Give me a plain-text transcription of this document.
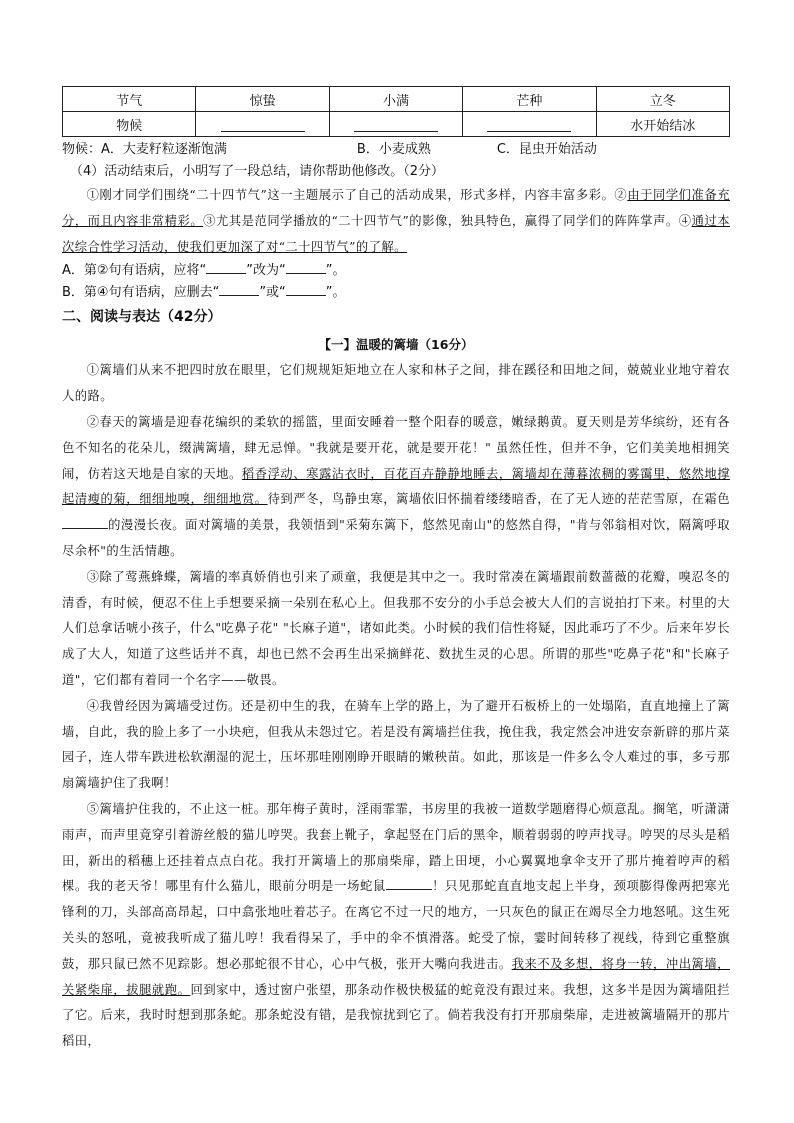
节气	惊蛰	小满	芒种	立冬
物候				水开始结冰

物候：A．大麦籽粒逐渐饱满	B．小麦成熟	C．昆虫开始活动

（4）活动结束后，小明写了一段总结，请你帮助他修改。（2分）

①刚才同学们围绕“二十四节气”这一主题展示了自己的活动成果，形式多样，内容丰富多彩。②由于同学们准备充分，而且内容非常精彩。③尤其是范同学播放的“二十四节气”的影像，独具特色，赢得了同学们的阵阵掌声。④通过本次综合性学习活动，使我们更加深了对“二十四节气”的了解。

A．第②句有语病，应将“	”改为“	”。

B．第④句有语病，应删去“	”或“	”。

二、阅读与表达（42分）

【一】温暖的篱墙（16分）

①篱墙们从来不把四时放在眼里，它们规规矩矩地立在人家和林子之间，排在蹊径和田地之间，兢兢业业地守着农人的路。

②春天的篱墙是迎春花编织的柔软的摇篮，里面安睡着一整个阳春的暖意，嫩绿鹅黄。夏天则是芳华缤纷，还有各色不知名的花朵儿，缀满篱墙，肆无忌惮。"我就是要开花，就是要开花！" 虽然任性，但并不争，它们美美地相拥笑闹，仿若这天地是自家的天地。稻香浮动、寒露沾衣时，百花百卉静静地睡去，篱墙却在薄暮浓稠的雾霭里，悠然地撑起清瘦的菊，细细地嗅，细细地赏。待到严冬，鸟静虫寒，篱墙依旧怀揣着缕缕暗香，在了无人迹的茫茫雪原，在霜色的漫漫长夜。面对篱墙的美景，我领悟到"采菊东篱下，悠然见南山"的悠然自得，"肯与邻翁相对饮，隔篱呼取尽余杯"的生活情趣。

③除了莺燕蜂蝶，篱墙的率真娇俏也引来了顽童，我便是其中之一。我时常凑在篱墙跟前数蔷薇的花瓣，嗅忍冬的清香，有时候，便忍不住上手想要采摘一朵别在私心上。但我那不安分的小手总会被大人们的言说拍打下来。村里的大人们总拿话唬小孩子，什么"吃鼻子花" "长麻子道"，诸如此类。小时候的我们信性将疑，因此乖巧了不少。后来年岁长成了大人，知道了这些话并不真，却也已然不会再生出采摘鲜花、数扰生灵的心思。所谓的那些"吃鼻子花"和"长麻子道"，它们都有着同一个名字——敬畏。

④我曾经因为篱墙受过伤。还是初中生的我，在骑车上学的路上，为了避开石板桥上的一处塌陷，直直地撞上了篱墙，自此，我的脸上多了一小块疤，但我从未怨过它。若是没有篱墙拦住我，挽住我，我定然会冲进安奈新辟的那片菜园子，连人带车跌进松软潮湿的泥土，压坏那哇刚刚睁开眼睛的嫩秧苗。如此，那该是一件多么令人难过的事，多亏那扇篱墙护住了我啊！

⑤篱墙护住我的，不止这一桩。那年梅子黄时，淫雨霏霏，书房里的我被一道数学题磨得心烦意乱。搁笔，听潇潇雨声，而声里竟穿引着游丝般的猫儿哼哭。我套上靴子，拿起竖在门后的黑伞，顺着弱弱的哼声找寻。哼哭的尽头是稻田，新出的稻穗上还挂着点点白花。我打开篱墙上的那扇柴扉，踏上田埂，小心翼翼地拿伞支开了那片掩着哼声的稻棵。我的老天爷！哪里有什么猫儿，眼前分明是一场蛇鼠	！只见那蛇直直地支起上半身，颈项膨得像两把寒光锋利的刀，头部高高昂起，口中翕张地吐着芯子。在离它不过一尺的地方，一只灰色的鼠正在竭尽全力地怒吼。这生死关头的怒吼，竟被我听成了猫儿哼！我看得呆了，手中的伞不慎滑落。蛇受了惊，霎时间转移了视线，待到它重整旗鼓，那只鼠已然不见踪影。想必那蛇很不甘心，心中气极，张开大嘴向我进击。我来不及多想，将身一转，冲出篱墙，关紧柴扉，拔腿就跑。回到家中，透过窗户张望，那条动作极快极猛的蛇竟没有跟过来。我想，这多半是因为篱墙阻拦了它。后来，我时时想到那条蛇。那条蛇没有错，是我惊扰到它了。倘若我没有打开那扇柴扉，走进被篱墙隔开的那片稻田，
